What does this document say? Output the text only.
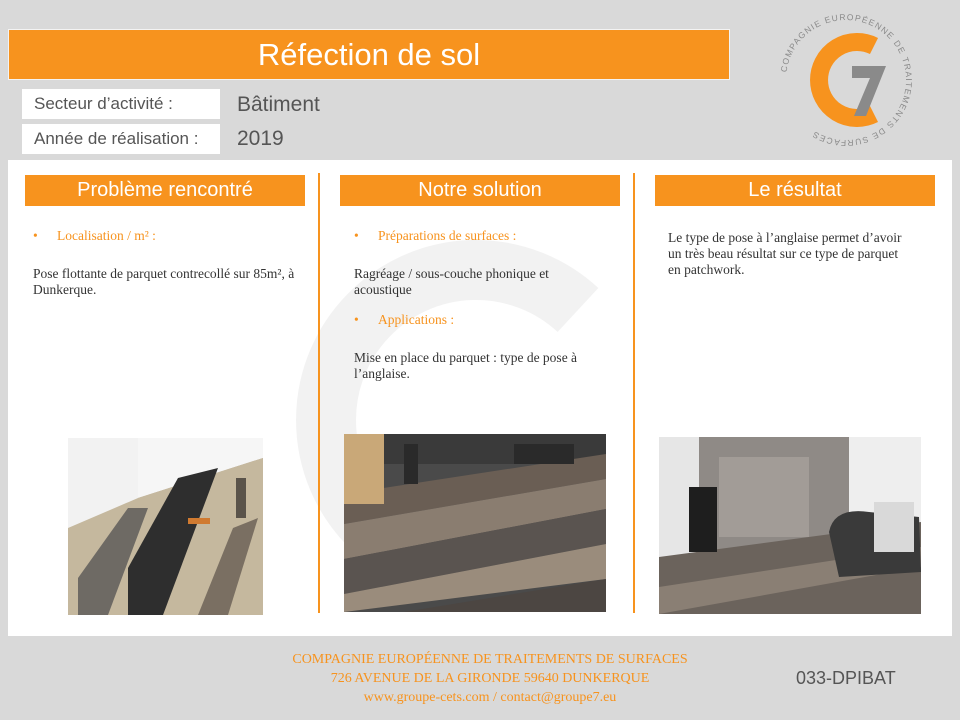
Réfection de sol
Secteur d’activité :	Bâtiment
Année de réalisation :	2019
COMPAGNIE EUROPÉENNE DE TRAITEMENTS DE SURFACES
G7
Problème rencontré
• Localisation / m² :
Pose flottante de parquet contrecollé sur 85m², à Dunkerque.
Notre solution
• Préparations de surfaces :
Ragréage / sous-couche phonique et acoustique
• Applications :
Mise en place du parquet : type de pose à l’anglaise.
Le résultat
Le type de pose à l’anglaise permet d’avoir un très beau résultat sur ce type de parquet en patchwork.
COMPAGNIE EUROPÉENNE DE TRAITEMENTS DE SURFACES
726 AVENUE DE LA GIRONDE 59640 DUNKERQUE
www.groupe-cets.com / contact@groupe7.eu
033-DPIBAT
